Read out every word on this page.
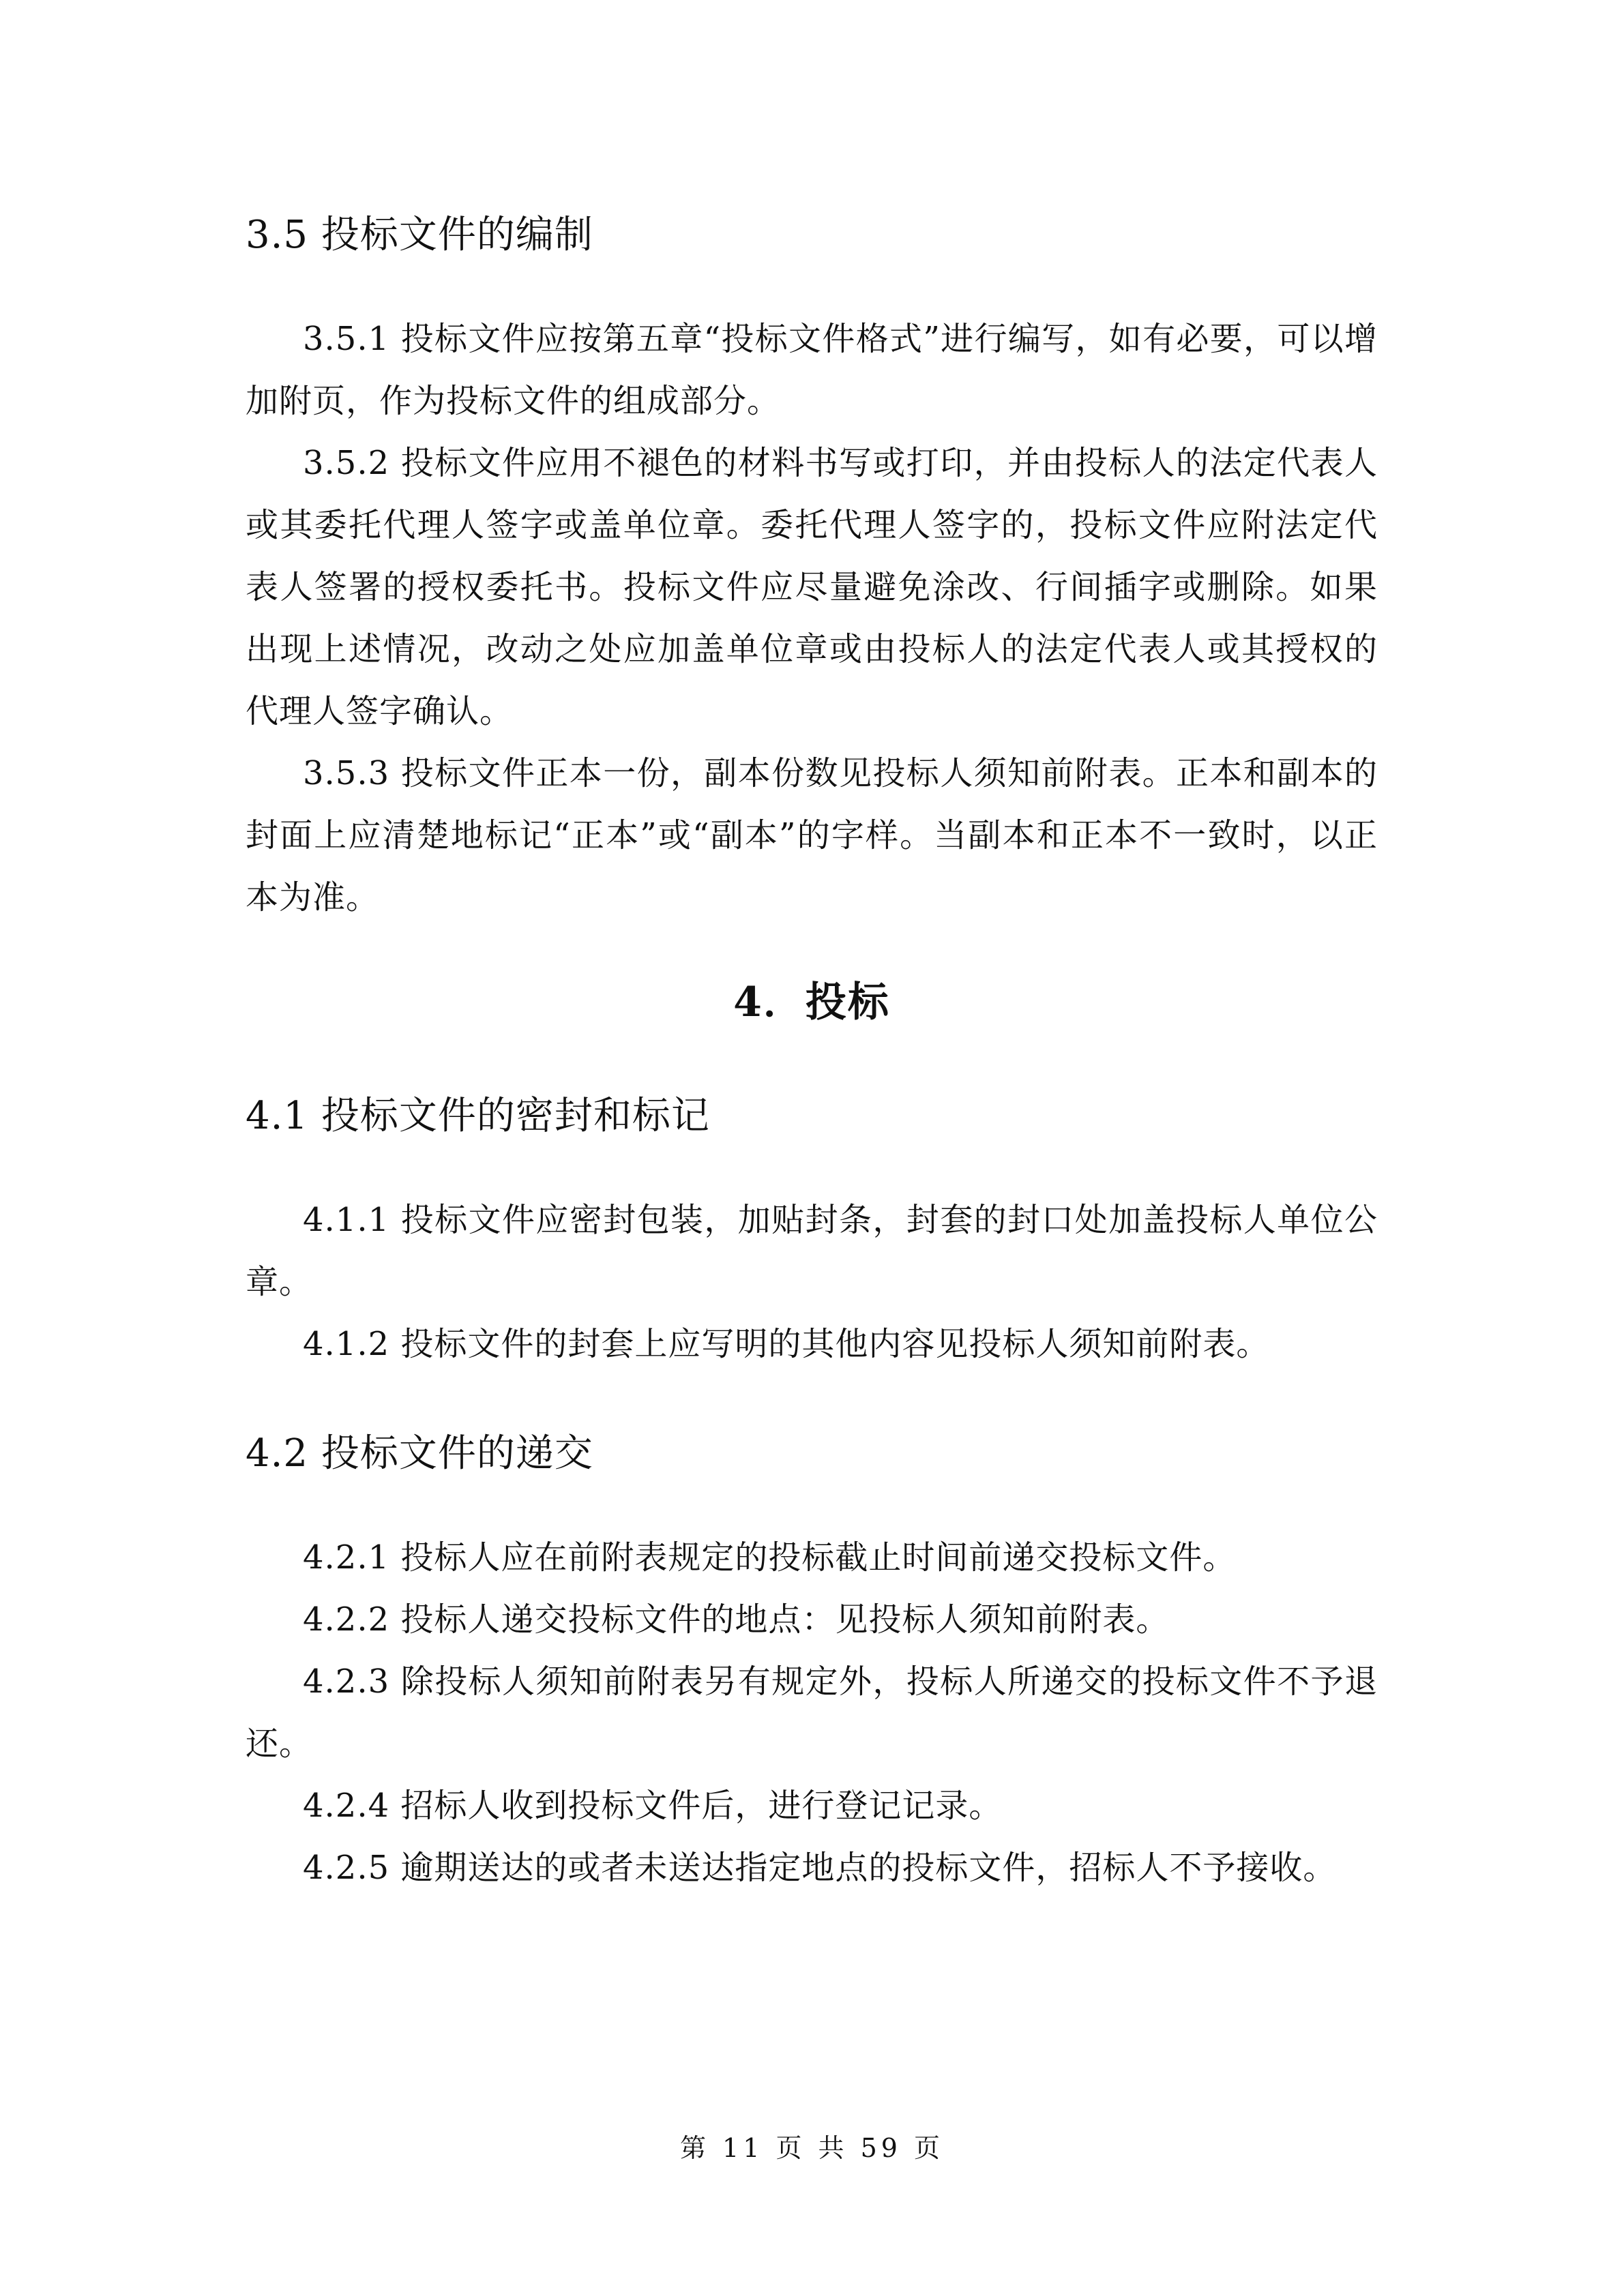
3.5 投标文件的编制

3.5.1 投标文件应按第五章“投标文件格式”进行编写，如有必要，可以增加附页，作为投标文件的组成部分。

3.5.2 投标文件应用不褪色的材料书写或打印，并由投标人的法定代表人或其委托代理人签字或盖单位章。委托代理人签字的，投标文件应附法定代表人签署的授权委托书。投标文件应尽量避免涂改、行间插字或删除。如果出现上述情况，改动之处应加盖单位章或由投标人的法定代表人或其授权的代理人签字确认。

3.5.3 投标文件正本一份，副本份数见投标人须知前附表。正本和副本的封面上应清楚地标记“正本”或“副本”的字样。当副本和正本不一致时，以正本为准。

4．投标
4.1 投标文件的密封和标记

4.1.1 投标文件应密封包装，加贴封条，封套的封口处加盖投标人单位公章。

4.1.2 投标文件的封套上应写明的其他内容见投标人须知前附表。

4.2 投标文件的递交

4.2.1 投标人应在前附表规定的投标截止时间前递交投标文件。

4.2.2 投标人递交投标文件的地点：见投标人须知前附表。

4.2.3 除投标人须知前附表另有规定外，投标人所递交的投标文件不予退还。

4.2.4 招标人收到投标文件后，进行登记记录。

4.2.5 逾期送达的或者未送达指定地点的投标文件，招标人不予接收。

第 11 页 共 59 页
